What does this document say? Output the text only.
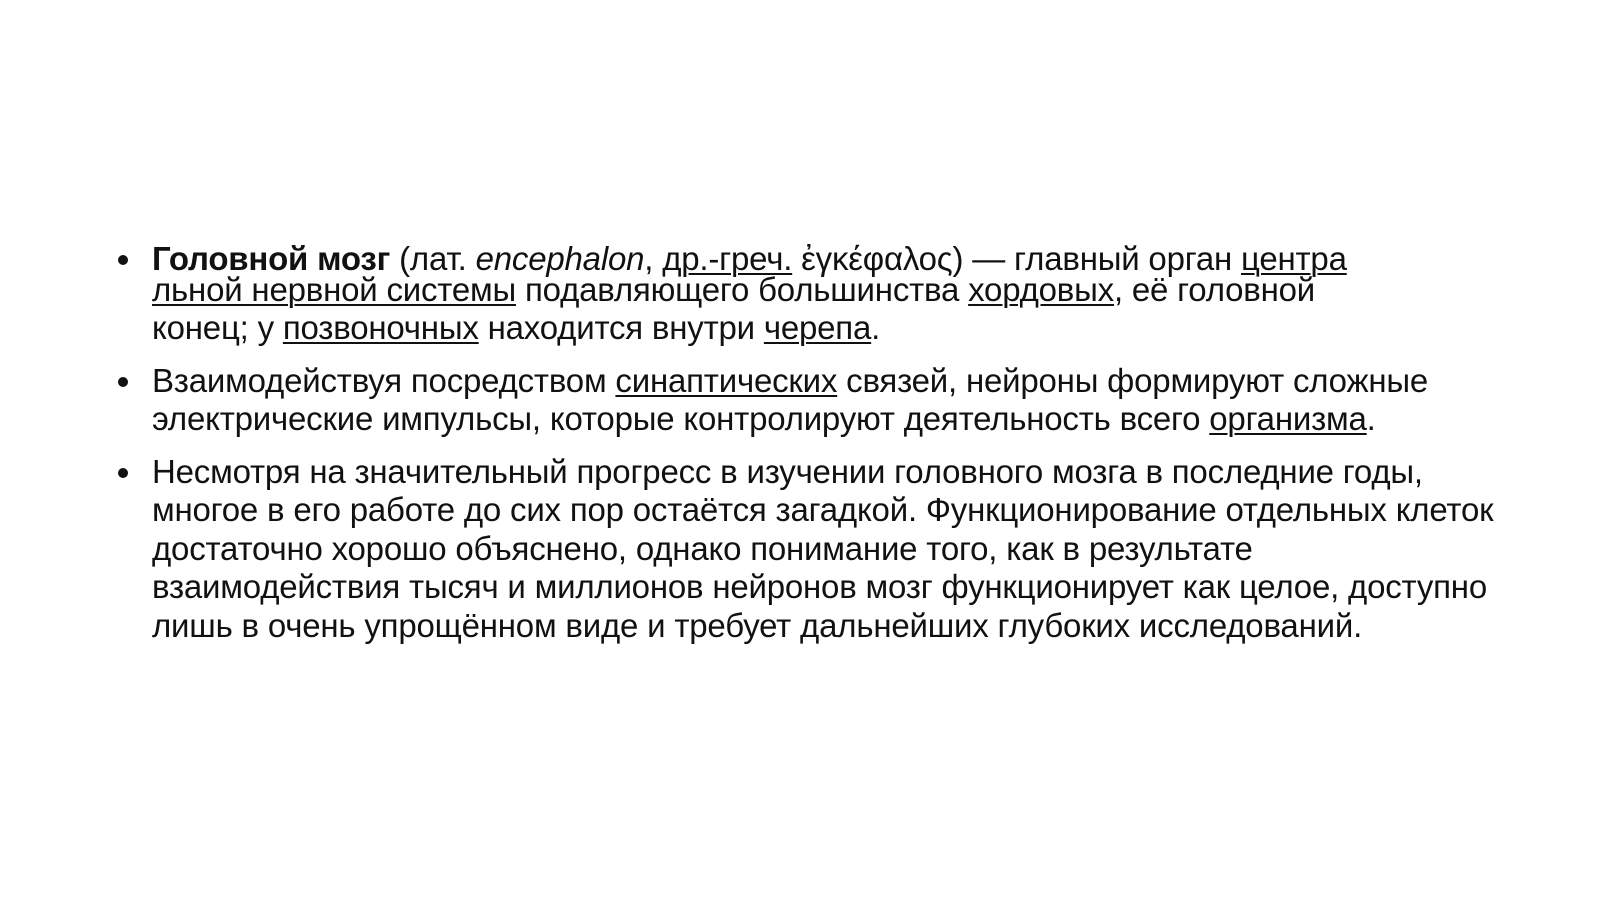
Головной мозг (лат. encephalon, др.-греч. ἐγκέφαλος) — главный орган центра
льной нервной системы подавляющего большинства хордовых, её головной
конец; у позвоночных находится внутри черепа.
Взаимодействуя посредством синаптических связей, нейроны формируют сложные электрические импульсы, которые контролируют деятельность всего организма.
Несмотря на значительный прогресс в изучении головного мозга в последние годы, многое в его работе до сих пор остаётся загадкой. Функционирование отдельных клеток достаточно хорошо объяснено, однако понимание того, как в результате взаимодействия тысяч и миллионов нейронов мозг функционирует как целое, доступно лишь в очень упрощённом виде и требует дальнейших глубоких исследований.
